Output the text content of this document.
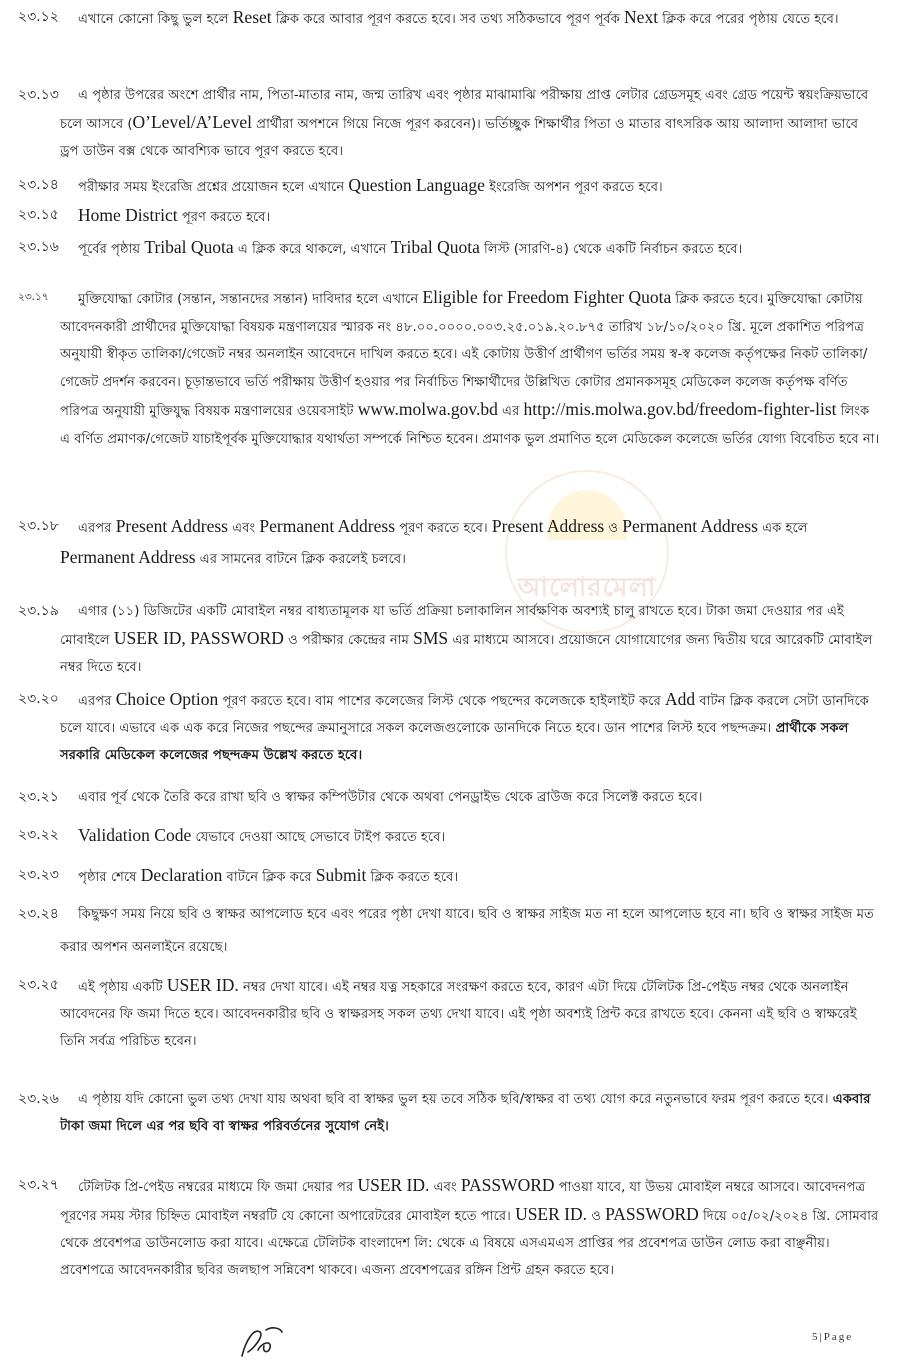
আলোরমেলা
২৩.১২	এখানে কোনো কিছু ভুল হলে Reset ক্লিক করে আবার পূরণ করতে হবে। সব তথ্য সঠিকভাবে পূরণ পূর্বক Next ক্লিক করে পরের পৃষ্ঠায় যেতে হবে।
২৩.১৩	এ পৃষ্ঠার উপরের অংশে প্রার্থীর নাম, পিতা-মাতার নাম, জন্ম তারিখ এবং পৃষ্ঠার মাঝামাঝি পরীক্ষায় প্রাপ্ত লেটার গ্রেডসমূহ এবং গ্রেড পয়েন্ট স্বয়ংক্রিয়ভাবে চলে আসবে (O’Level/A’Level প্রার্থীরা অপশনে গিয়ে নিজে পূরণ করবেন)। ভর্তিচ্ছুক শিক্ষার্থীর পিতা ও মাতার বাৎসরিক আয় আলাদা আলাদা ভাবে ড্রপ ডাউন বক্স থেকে আবশ্যিক ভাবে পূরণ করতে হবে।
২৩.১৪	পরীক্ষার সময় ইংরেজি প্রশ্নের প্রয়োজন হলে এখানে Question Language ইংরেজি অপশন পূরণ করতে হবে।
২৩.১৫	Home District পূরণ করতে হবে।
২৩.১৬	পূর্বের পৃষ্ঠায় Tribal Quota এ ক্লিক করে থাকলে, এখানে Tribal Quota লিস্ট (সারণি-৪) থেকে একটি নির্বাচন করতে হবে।
২৩.১৭	মুক্তিযোদ্ধা কোটার (সন্তান, সন্তানদের সন্তান) দাবিদার হলে এখানে Eligible for Freedom Fighter Quota ক্লিক করতে হবে। মুক্তিযোদ্ধা কোটায় আবেদনকারী প্রার্থীদের মুক্তিযোদ্ধা বিষয়ক মন্ত্রণালয়ের স্মারক নং ৪৮.০০.০০০০.০০৩.২৫.০১৯.২০.৮৭৫ তারিখ ১৮/১০/২০২০ খ্রি. মূলে প্রকাশিত পরিপত্র অনুযায়ী স্বীকৃত তালিকা/গেজেট নম্বর অনলাইন আবেদনে দাখিল করতে হবে। এই কোটায় উত্তীর্ণ প্রার্থীগণ ভর্তির সময় স্ব-স্ব কলেজ কর্তৃপক্ষের নিকট তালিকা/গেজেট প্রদর্শন করবেন। চূড়ান্তভাবে ভর্তি পরীক্ষায় উত্তীর্ণ হওয়ার পর নির্বাচিত শিক্ষার্থীদের উল্লিখিত কোটার প্রমানকসমূহ মেডিকেল কলেজ কর্তৃপক্ষ বর্ণিত পরিপত্র অনুযায়ী মুক্তিযুদ্ধ বিষয়ক মন্ত্রণালয়ের ওয়েবসাইট www.molwa.gov.bd এর http://mis.molwa.gov.bd/freedom-fighter-list লিংক এ বর্ণিত প্রমাণক/গেজেট যাচাইপূর্বক মুক্তিযোদ্ধার যথার্থতা সম্পর্কে নিশ্চিত হবেন। প্রমাণক ভুল প্রমাণিত হলে মেডিকেল কলেজে ভর্তির যোগ্য বিবেচিত হবে না।
২৩.১৮	এরপর Present Address এবং Permanent Address পূরণ করতে হবে। Present Address ও Permanent Address এক হলে Permanent Address এর সামনের বাটনে ক্লিক করলেই চলবে।
২৩.১৯	এগার (১১) ডিজিটের একটি মোবাইল নম্বর বাধ্যতামূলক যা ভর্তি প্রক্রিয়া চলাকালিন সার্বক্ষণিক অবশ্যই চালু রাখতে হবে। টাকা জমা দেওয়ার পর এই মোবাইলে USER ID, PASSWORD ও পরীক্ষার কেন্দ্রের নাম SMS এর মাধ্যমে আসবে। প্রয়োজনে যোগাযোগের জন্য দ্বিতীয় ঘরে আরেকটি মোবাইল নম্বর দিতে হবে।
২৩.২০	এরপর Choice Option পূরণ করতে হবে। বাম পাশের কলেজের লিস্ট থেকে পছন্দের কলেজকে হাইলাইট করে Add বাটন ক্লিক করলে সেটা ডানদিকে চলে যাবে। এভাবে এক এক করে নিজের পছন্দের ক্রমানুসারে সকল কলেজগুলোকে ডানদিকে নিতে হবে। ডান পাশের লিস্ট হবে পছন্দক্রম। প্রার্থীকে সকল সরকারি মেডিকেল কলেজের পছন্দক্রম উল্লেখ করতে হবে।
২৩.২১	এবার পূর্ব থেকে তৈরি করে রাখা ছবি ও স্বাক্ষর কম্পিউটার থেকে অথবা পেনড্রাইভ থেকে ব্রাউজ করে সিলেক্ট করতে হবে।
২৩.২২	Validation Code যেভাবে দেওয়া আছে সেভাবে টাইপ করতে হবে।
২৩.২৩	পৃষ্ঠার শেষে Declaration বাটনে ক্লিক করে Submit ক্লিক করতে হবে।
২৩.২৪	কিছুক্ষণ সময় নিয়ে ছবি ও স্বাক্ষর আপলোড হবে এবং পরের পৃষ্ঠা দেখা যাবে। ছবি ও স্বাক্ষর সাইজ মত না হলে আপলোড হবে না। ছবি ও স্বাক্ষর সাইজ মত করার অপশন অনলাইনে রয়েছে।
২৩.২৫	এই পৃষ্ঠায় একটি USER ID. নম্বর দেখা যাবে। এই নম্বর যত্ন সহকারে সংরক্ষণ করতে হবে, কারণ এটা দিয়ে টেলিটক প্রি-পেইড নম্বর থেকে অনলাইন আবেদনের ফি জমা দিতে হবে। আবেদনকারীর ছবি ও স্বাক্ষরসহ সকল তথ্য দেখা যাবে। এই পৃষ্ঠা অবশ্যই প্রিন্ট করে রাখতে হবে। কেননা এই ছবি ও স্বাক্ষরেই তিনি সর্বত্র পরিচিত হবেন।
২৩.২৬	এ পৃষ্ঠায় যদি কোনো ভুল তথ্য দেখা যায় অথবা ছবি বা স্বাক্ষর ভুল হয় তবে সঠিক ছবি/স্বাক্ষর বা তথ্য যোগ করে নতুনভাবে ফরম পূরণ করতে হবে। একবার টাকা জমা দিলে এর পর ছবি বা স্বাক্ষর পরিবর্তনের সুযোগ নেই।
২৩.২৭	টেলিটক প্রি-পেইড নম্বরের মাধ্যমে ফি জমা দেয়ার পর USER ID. এবং PASSWORD পাওয়া যাবে, যা উভয় মোবাইল নম্বরে আসবে। আবেদনপত্র পূরণের সময় স্টার চিহ্নিত মোবাইল নম্বরটি যে কোনো অপারেটরের মোবাইল হতে পারে। USER ID. ও PASSWORD দিয়ে ০৫/০২/২০২৪ খ্রি. সোমবার থেকে প্রবেশপত্র ডাউনলোড করা যাবে। এক্ষেত্রে টেলিটক বাংলাদেশ লি: থেকে এ বিষয়ে এসএমএস প্রাপ্তির পর প্রবেশপত্র ডাউন লোড করা বাঞ্ছনীয়। প্রবেশপত্রে আবেদনকারীর ছবির জলছাপ সন্নিবেশ থাকবে। এজন্য প্রবেশপত্রের রঙ্গিন প্রিন্ট গ্রহন করতে হবে।
5|Page
